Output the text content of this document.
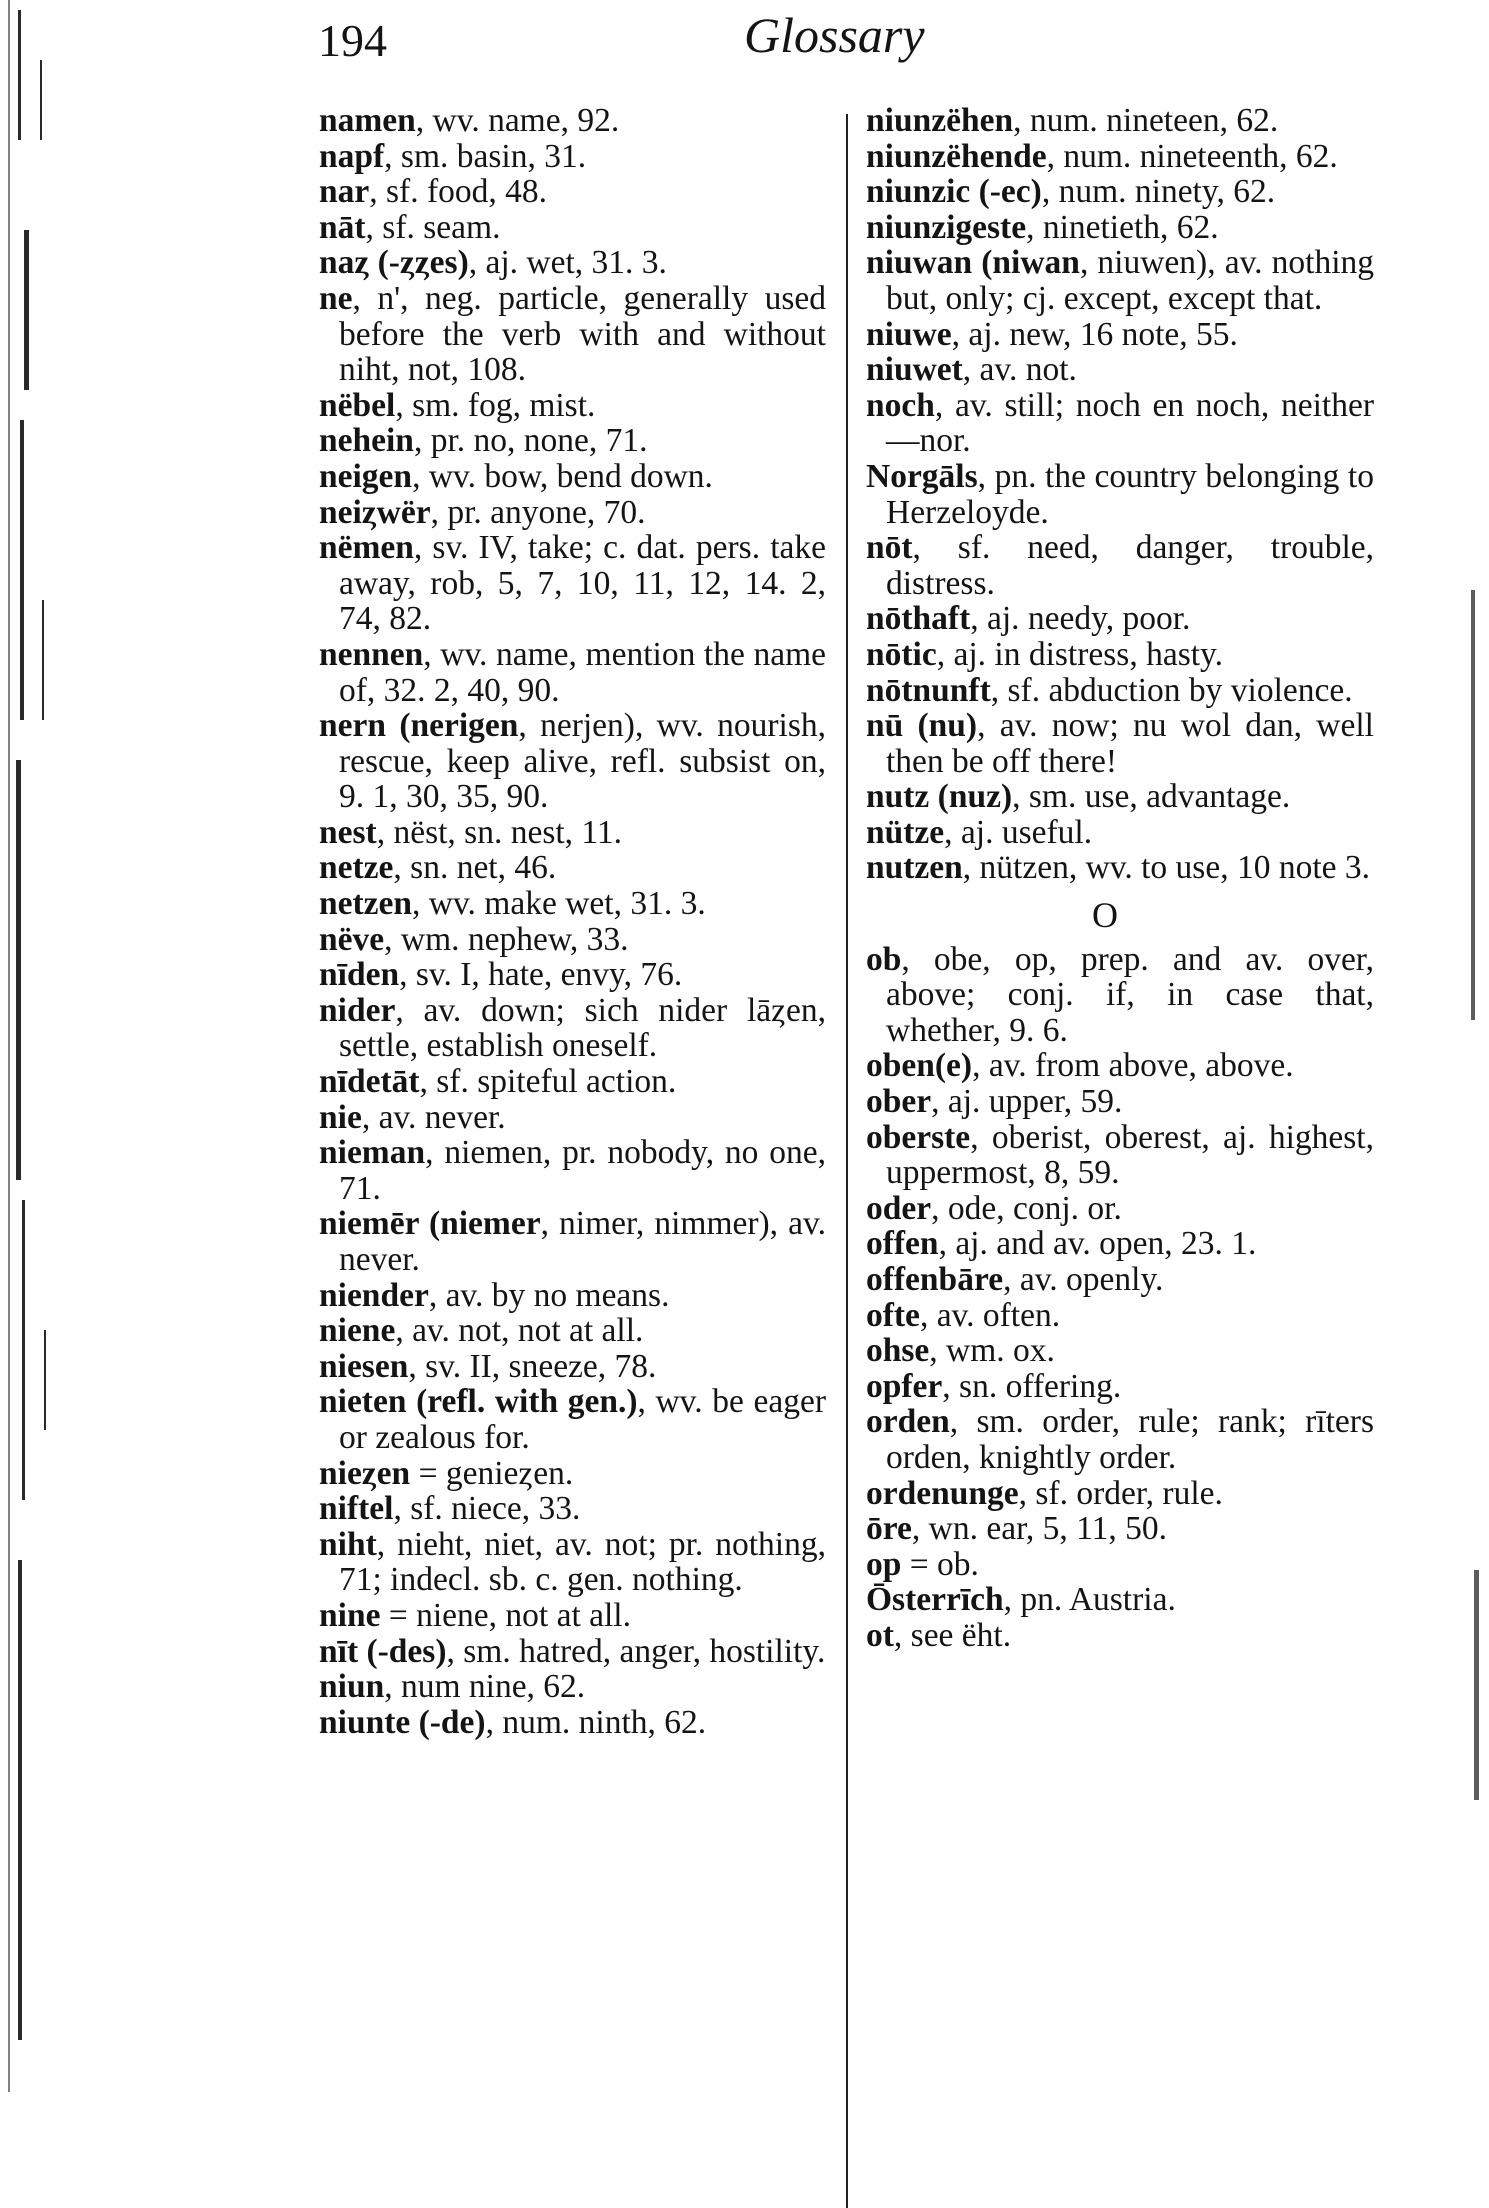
194	Glossary

namen, wv. name, 92.

napf, sm. basin, 31.

nar, sf. food, 48.

nāt, sf. seam.

naȥ (-ȥȥes), aj. wet, 31. 3.

ne, n', neg. particle, generally used before the verb with and without niht, not, 108.

nëbel, sm. fog, mist.

nehein, pr. no, none, 71.

neigen, wv. bow, bend down.

neiȥwër, pr. anyone, 70.

nëmen, sv. IV, take; c. dat. pers. take away, rob, 5, 7, 10, 11, 12, 14. 2, 74, 82.

nennen, wv. name, mention the name of, 32. 2, 40, 90.

nern (nerigen, nerjen), wv. nourish, rescue, keep alive, refl. subsist on, 9. 1, 30, 35, 90.

nest, nëst, sn. nest, 11.

netze, sn. net, 46.

netzen, wv. make wet, 31. 3.

nëve, wm. nephew, 33.

nīden, sv. I, hate, envy, 76.

nider, av. down; sich nider lāȥen, settle, establish oneself.

nīdetāt, sf. spiteful action.

nie, av. never.

nieman, niemen, pr. nobody, no one, 71.

niemēr (niemer, nimer, nimmer), av. never.

niender, av. by no means.

niene, av. not, not at all.

niesen, sv. II, sneeze, 78.

nieten (refl. with gen.), wv. be eager or zealous for.

nieȥen = genieȥen.

niftel, sf. niece, 33.

niht, nieht, niet, av. not; pr. nothing, 71; indecl. sb. c. gen. nothing.

nine = niene, not at all.

nīt (-des), sm. hatred, anger, hostility.

niun, num nine, 62.

niunte (-de), num. ninth, 62.

niunzëhen, num. nineteen, 62.

niunzëhende, num. nineteenth, 62.

niunzic (-ec), num. ninety, 62.

niunzigeste, ninetieth, 62.

niuwan (niwan, niuwen), av. nothing but, only; cj. except, except that.

niuwe, aj. new, 16 note, 55.

niuwet, av. not.

noch, av. still; noch en noch, neither—nor.

Norgāls, pn. the country belonging to Herzeloyde.

nōt, sf. need, danger, trouble, distress.

nōthaft, aj. needy, poor.

nōtic, aj. in distress, hasty.

nōtnunft, sf. abduction by violence.

nū (nu), av. now; nu wol dan, well then be off there!

nutz (nuz), sm. use, advantage.

nütze, aj. useful.

nutzen, nützen, wv. to use, 10 note 3.

O

ob, obe, op, prep. and av. over, above; conj. if, in case that, whether, 9. 6.

oben(e), av. from above, above.

ober, aj. upper, 59.

oberste, oberist, oberest, aj. highest, uppermost, 8, 59.

oder, ode, conj. or.

offen, aj. and av. open, 23. 1.

offenbāre, av. openly.

ofte, av. often.

ohse, wm. ox.

opfer, sn. offering.

orden, sm. order, rule; rank; rīters orden, knightly order.

ordenunge, sf. order, rule.

ōre, wn. ear, 5, 11, 50.

op = ob.

Ōsterrīch, pn. Austria.

ot, see ëht.
